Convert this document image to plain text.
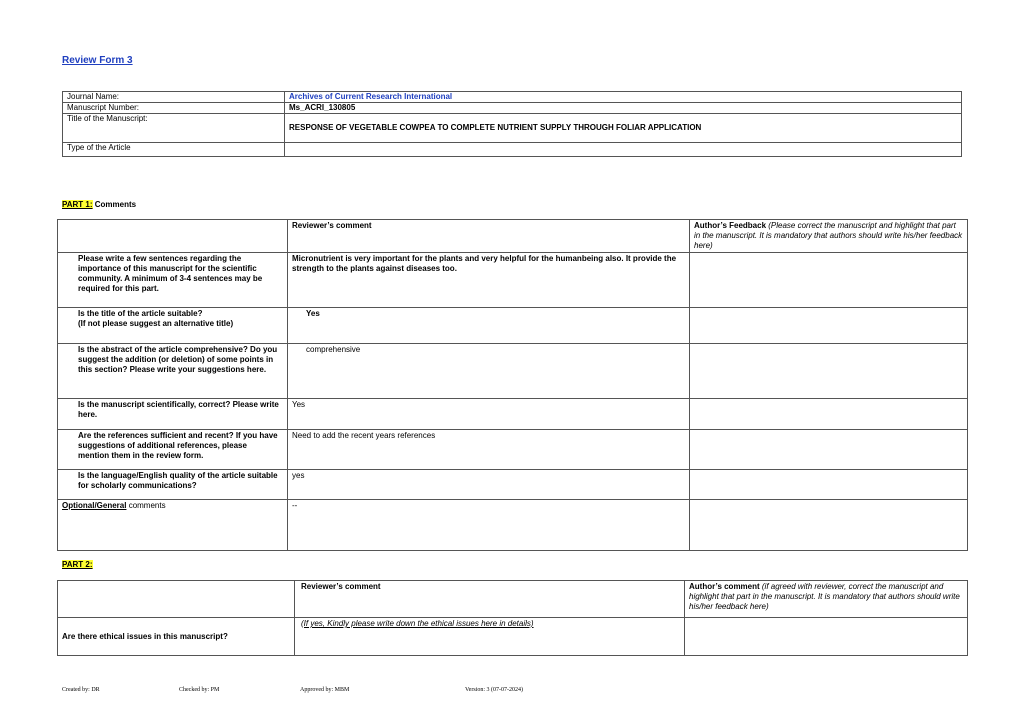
Review Form 3
Journal Name:	Archives of Current Research International
Manuscript Number:	Ms_ACRI_130805
Title of the Manuscript:	RESPONSE OF VEGETABLE COWPEA TO COMPLETE NUTRIENT SUPPLY THROUGH FOLIAR APPLICATION
Type of the Article	
PART 1: Comments
	Reviewer’s comment	Author’s Feedback (Please correct the manuscript and highlight that part in the manuscript. It is mandatory that authors should write his/her feedback here)
Please write a few sentences regarding the importance of this manuscript for the scientific community. A minimum of 3-4 sentences may be required for this part.	Micronutrient is very important for the plants and very helpful for the humanbeing also. It provide the strength to the plants against diseases too.	
Is the title of the article suitable?
(If not please suggest an alternative title)	Yes	
Is the abstract of the article comprehensive? Do you suggest the addition (or deletion) of some points in this section? Please write your suggestions here.	comprehensive	
Is the manuscript scientifically, correct? Please write here.	Yes	
Are the references sufficient and recent? If you have suggestions of additional references, please mention them in the review form.	Need to add the recent years references	
Is the language/English quality of the article suitable for scholarly communications?	yes	
Optional/General comments	--	
PART 2:
	Reviewer’s comment	Author’s comment (if agreed with reviewer, correct the manuscript and highlight that part in the manuscript. It is mandatory that authors should write his/her feedback here)
Are there ethical issues in this manuscript?	(If yes, Kindly please write down the ethical issues here in details)	
Created by: DR	Checked by: PM	Approved by: MBM	Version: 3 (07-07-2024)
